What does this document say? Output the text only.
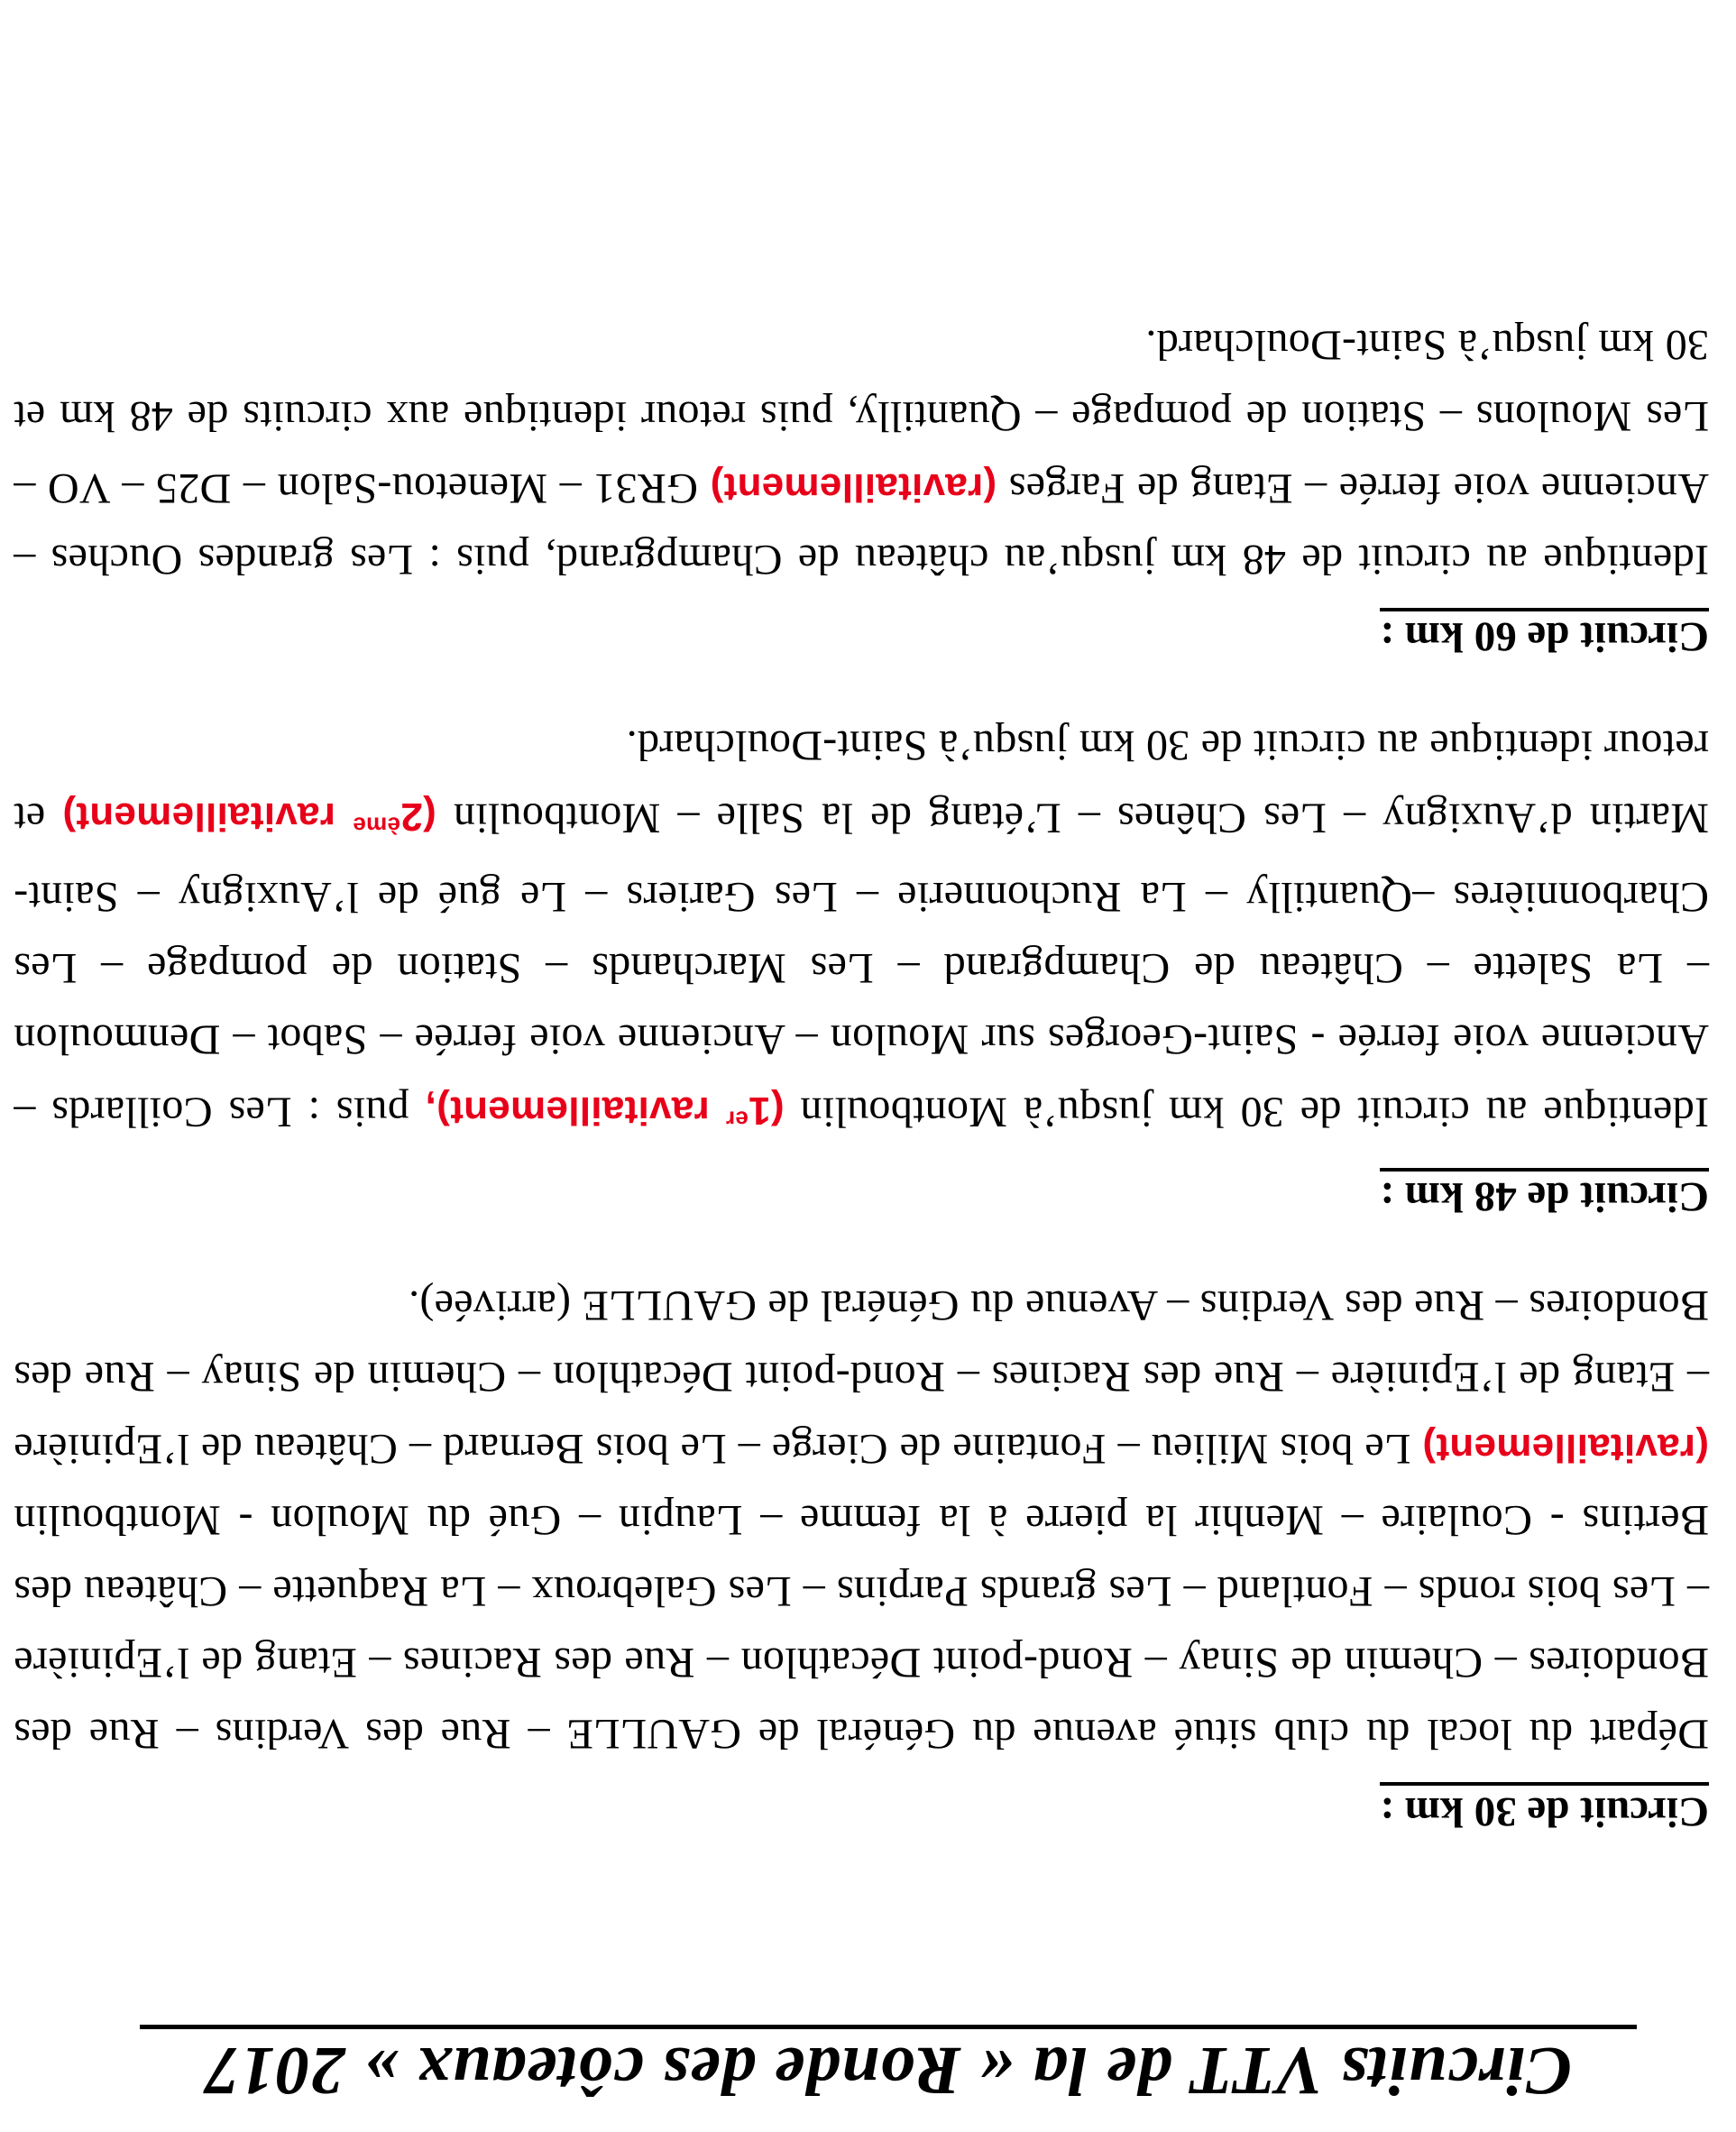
Circuits VTT de la « Ronde des côteaux » 2017
Circuit de 30 km :

Départ du local du club situé avenue du Général de GAULLE – Rue des Verdins – Rue des Bondoires – Chemin de Sinay – Rond-point Décathlon – Rue des Racines – Etang de l’Epinière – Les bois ronds – Fontland – Les grands Parpins – Les Galebroux – La Raquette – Château des Bertins - Coulaire – Menhir la pierre à la femme – Laupin – Gué du Moulon - Montboulin (ravitaillement) Le bois Milieu – Fontaine de Cierge – Le bois Bernard – Château de l’Epinière – Etang de l’Epinière – Rue des Racines – Rond-point Décathlon – Chemin de Sinay – Rue des Bondoires – Rue des Verdins – Avenue du Général de GAULLE (arrivée).

Circuit de 48 km :

Identique au circuit de 30 km jusqu’à Montboulin (1er ravitaillement), puis : Les Coillards – Ancienne voie ferrée - Saint-Georges sur Moulon – Ancienne voie ferrée – Sabot – Denmoulon – La Salette – Château de Champgrand – Les Marchands – Station de pompage – Les Charbonnières –Quantilly – La Ruchonnerie – Les Gariers – Le gué de l’Auxigny – Saint-Martin d’Auxigny – Les Chênes – L’étang de la Salle – Montboulin (2ème ravitaillement) et retour identique au circuit de 30 km jusqu’à Saint-Doulchard.

Circuit de 60 km :

Identique au circuit de 48 km jusqu’au château de Champgrand, puis : Les grandes Ouches – Ancienne voie ferrée – Etang de Farges (ravitaillement) GR31 – Menetou-Salon – D25 – VO – Les Moulons – Station de pompage – Quantilly, puis retour identique aux circuits de 48 km et 30 km jusqu’à Saint-Doulchard.
